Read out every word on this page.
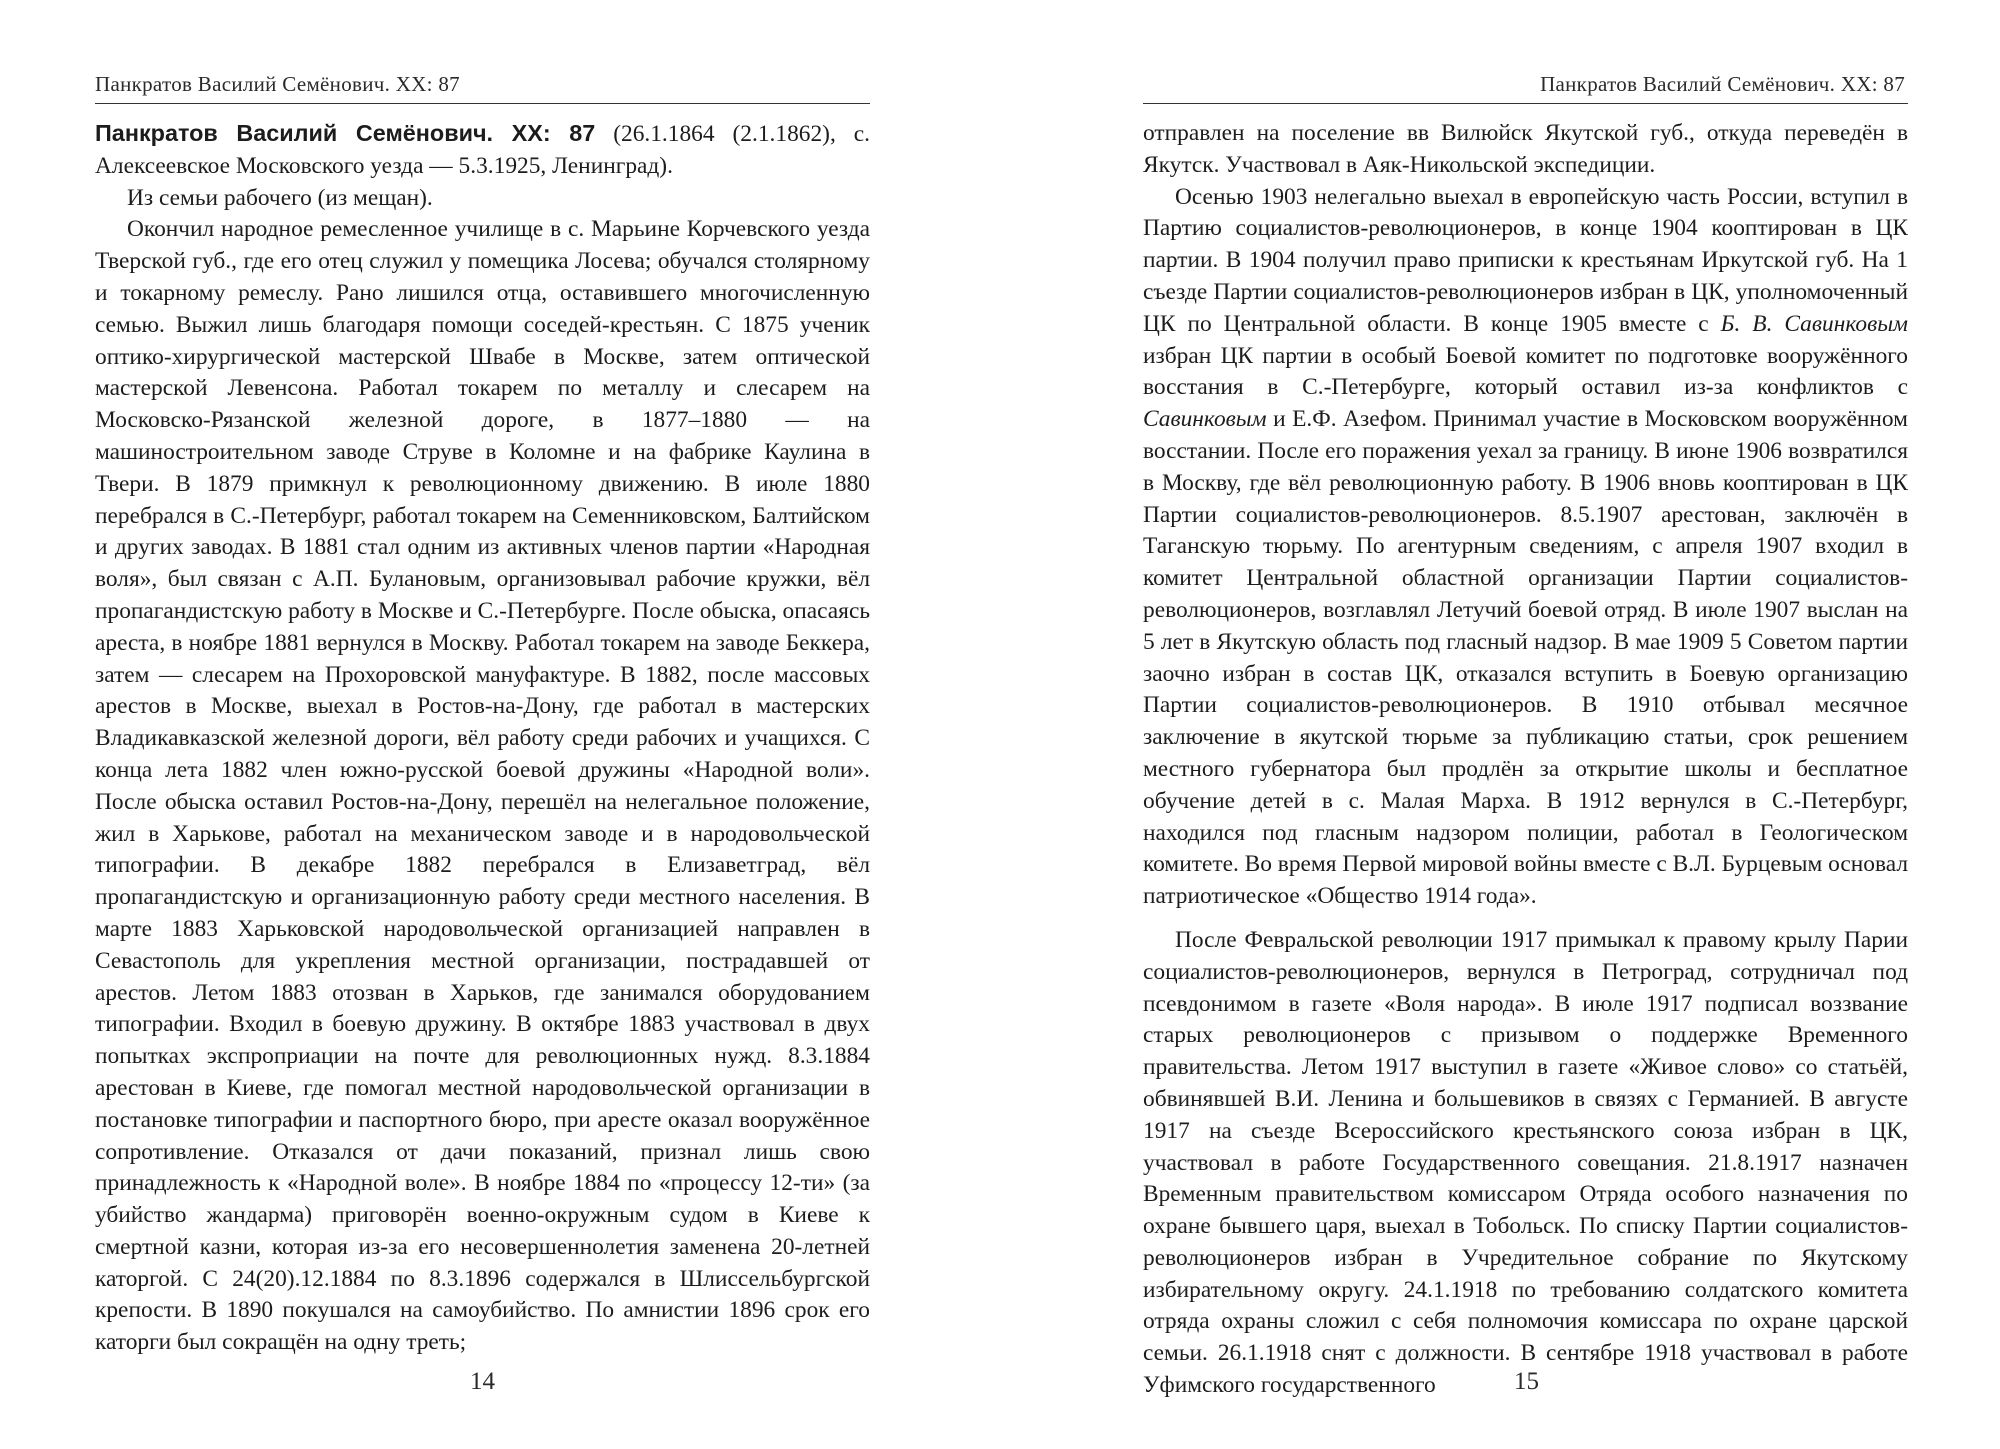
Панкратов Василий Семёнович. XX: 87

Панкратов Василий Семёнович. XX: 87 (26.1.1864 (2.1.1862), с. Алексеевское Московского уезда — 5.3.1925, Ленинград).

Из семьи рабочего (из мещан).

Окончил народное ремесленное училище в с. Марьине Корчевского уезда Тверской губ., где его отец служил у помещика Лосева; обучался столярному и токарному ремеслу. Рано лишился отца, оставившего многочисленную семью. Выжил лишь благодаря помощи соседей-крестьян. С 1875 ученик оптико-хирургической мастерской Швабе в Москве, затем оптической мастерской Левенсона. Работал токарем по металлу и слесарем на Московско-Рязанской железной дороге, в 1877–1880 — на машиностроительном заводе Струве в Коломне и на фабрике Каулина в Твери. В 1879 примкнул к революционному движению. В июле 1880 перебрался в С.-Петербург, работал токарем на Семенниковском, Балтийском и других заводах. В 1881 стал одним из активных членов партии «Народная воля», был связан с А.П. Булановым, организовывал рабочие кружки, вёл пропагандистскую работу в Москве и С.-Петербурге. После обыска, опасаясь ареста, в ноябре 1881 вернулся в Москву. Работал токарем на заводе Беккера, затем — слесарем на Прохоровской мануфактуре. В 1882, после массовых арестов в Москве, выехал в Ростов-на-Дону, где работал в мастерских Владикавказской железной дороги, вёл работу среди рабочих и учащихся. С конца лета 1882 член южно-русской боевой дружины «Народной воли». После обыска оставил Ростов-на-Дону, перешёл на нелегальное положение, жил в Харькове, работал на механическом заводе и в народовольческой типографии. В декабре 1882 перебрался в Елизаветград, вёл пропагандистскую и организационную работу среди местного населения. В марте 1883 Харьковской народовольческой организацией направлен в Севастополь для укрепления местной организации, пострадавшей от арестов. Летом 1883 отозван в Харьков, где занимался оборудованием типографии. Входил в боевую дружину. В октябре 1883 участвовал в двух попытках экспроприации на почте для революционных нужд. 8.3.1884 арестован в Киеве, где помогал местной народовольческой организации в постановке типографии и паспортного бюро, при аресте оказал вооружённое сопротивление. Отказался от дачи показаний, признал лишь свою принадлежность к «Народной воле». В ноябре 1884 по «процессу 12-ти» (за убийство жандарма) приговорён военно-окружным судом в Киеве к смертной казни, которая из-за его несовершеннолетия заменена 20-летней каторгой. С 24(20).12.1884 по 8.3.1896 содержался в Шлиссельбургской крепости. В 1890 покушался на самоубийство. По амнистии 1896 срок его каторги был сокращён на одну треть;

14
Панкратов Василий Семёнович. XX: 87

отправлен на поселение вв Вилюйск Якутской губ., откуда переведён в Якутск. Участвовал в Аяк-Никольской экспедиции.

Осенью 1903 нелегально выехал в европейскую часть России, вступил в Партию социалистов-революционеров, в конце 1904 кооптирован в ЦК партии. В 1904 получил право приписки к крестьянам Иркутской губ. На 1 съезде Партии социалистов-революционеров избран в ЦК, уполномоченный ЦК по Центральной области. В конце 1905 вместе с Б. В. Савинковым избран ЦК партии в особый Боевой комитет по подготовке вооружённого восстания в С.-Петербурге, который оставил из-за конфликтов с Савинковым и Е.Ф. Азефом. Принимал участие в Московском вооружённом восстании. После его поражения уехал за границу. В июне 1906 возвратился в Москву, где вёл революционную работу. В 1906 вновь кооптирован в ЦК Партии социалистов-революционеров. 8.5.1907 арестован, заключён в Таганскую тюрьму. По агентурным сведениям, с апреля 1907 входил в комитет Центральной областной организации Партии социалистов-революционеров, возглавлял Летучий боевой отряд. В июле 1907 выслан на 5 лет в Якутскую область под гласный надзор. В мае 1909 5 Советом партии заочно избран в состав ЦК, отказался вступить в Боевую организацию Партии социалистов-революционеров. В 1910 отбывал месячное заключение в якутской тюрьме за публикацию статьи, срок решением местного губернатора был продлён за открытие школы и бесплатное обучение детей в с. Малая Марха. В 1912 вернулся в С.-Петербург, находился под гласным надзором полиции, работал в Геологическом комитете. Во время Первой мировой войны вместе с В.Л. Бурцевым основал патриотическое «Общество 1914 года».

После Февральской революции 1917 примыкал к правому крылу Парии социалистов-революционеров, вернулся в Петроград, сотрудничал под псевдонимом в газете «Воля народа». В июле 1917 подписал воззвание старых революционеров с призывом о поддержке Временного правительства. Летом 1917 выступил в газете «Живое слово» со статьёй, обвинявшей В.И. Ленина и большевиков в связях с Германией. В августе 1917 на съезде Всероссийского крестьянского союза избран в ЦК, участвовал в работе Государственного совещания. 21.8.1917 назначен Временным правительством комиссаром Отряда особого назначения по охране бывшего царя, выехал в Тобольск. По списку Партии социалистов-революционеров избран в Учредительное собрание по Якутскому избирательному округу. 24.1.1918 по требованию солдатского комитета отряда охраны сложил с себя полномочия комиссара по охране царской семьи. 26.1.1918 снят с должности. В сентябре 1918 участвовал в работе Уфимского государственного	15
